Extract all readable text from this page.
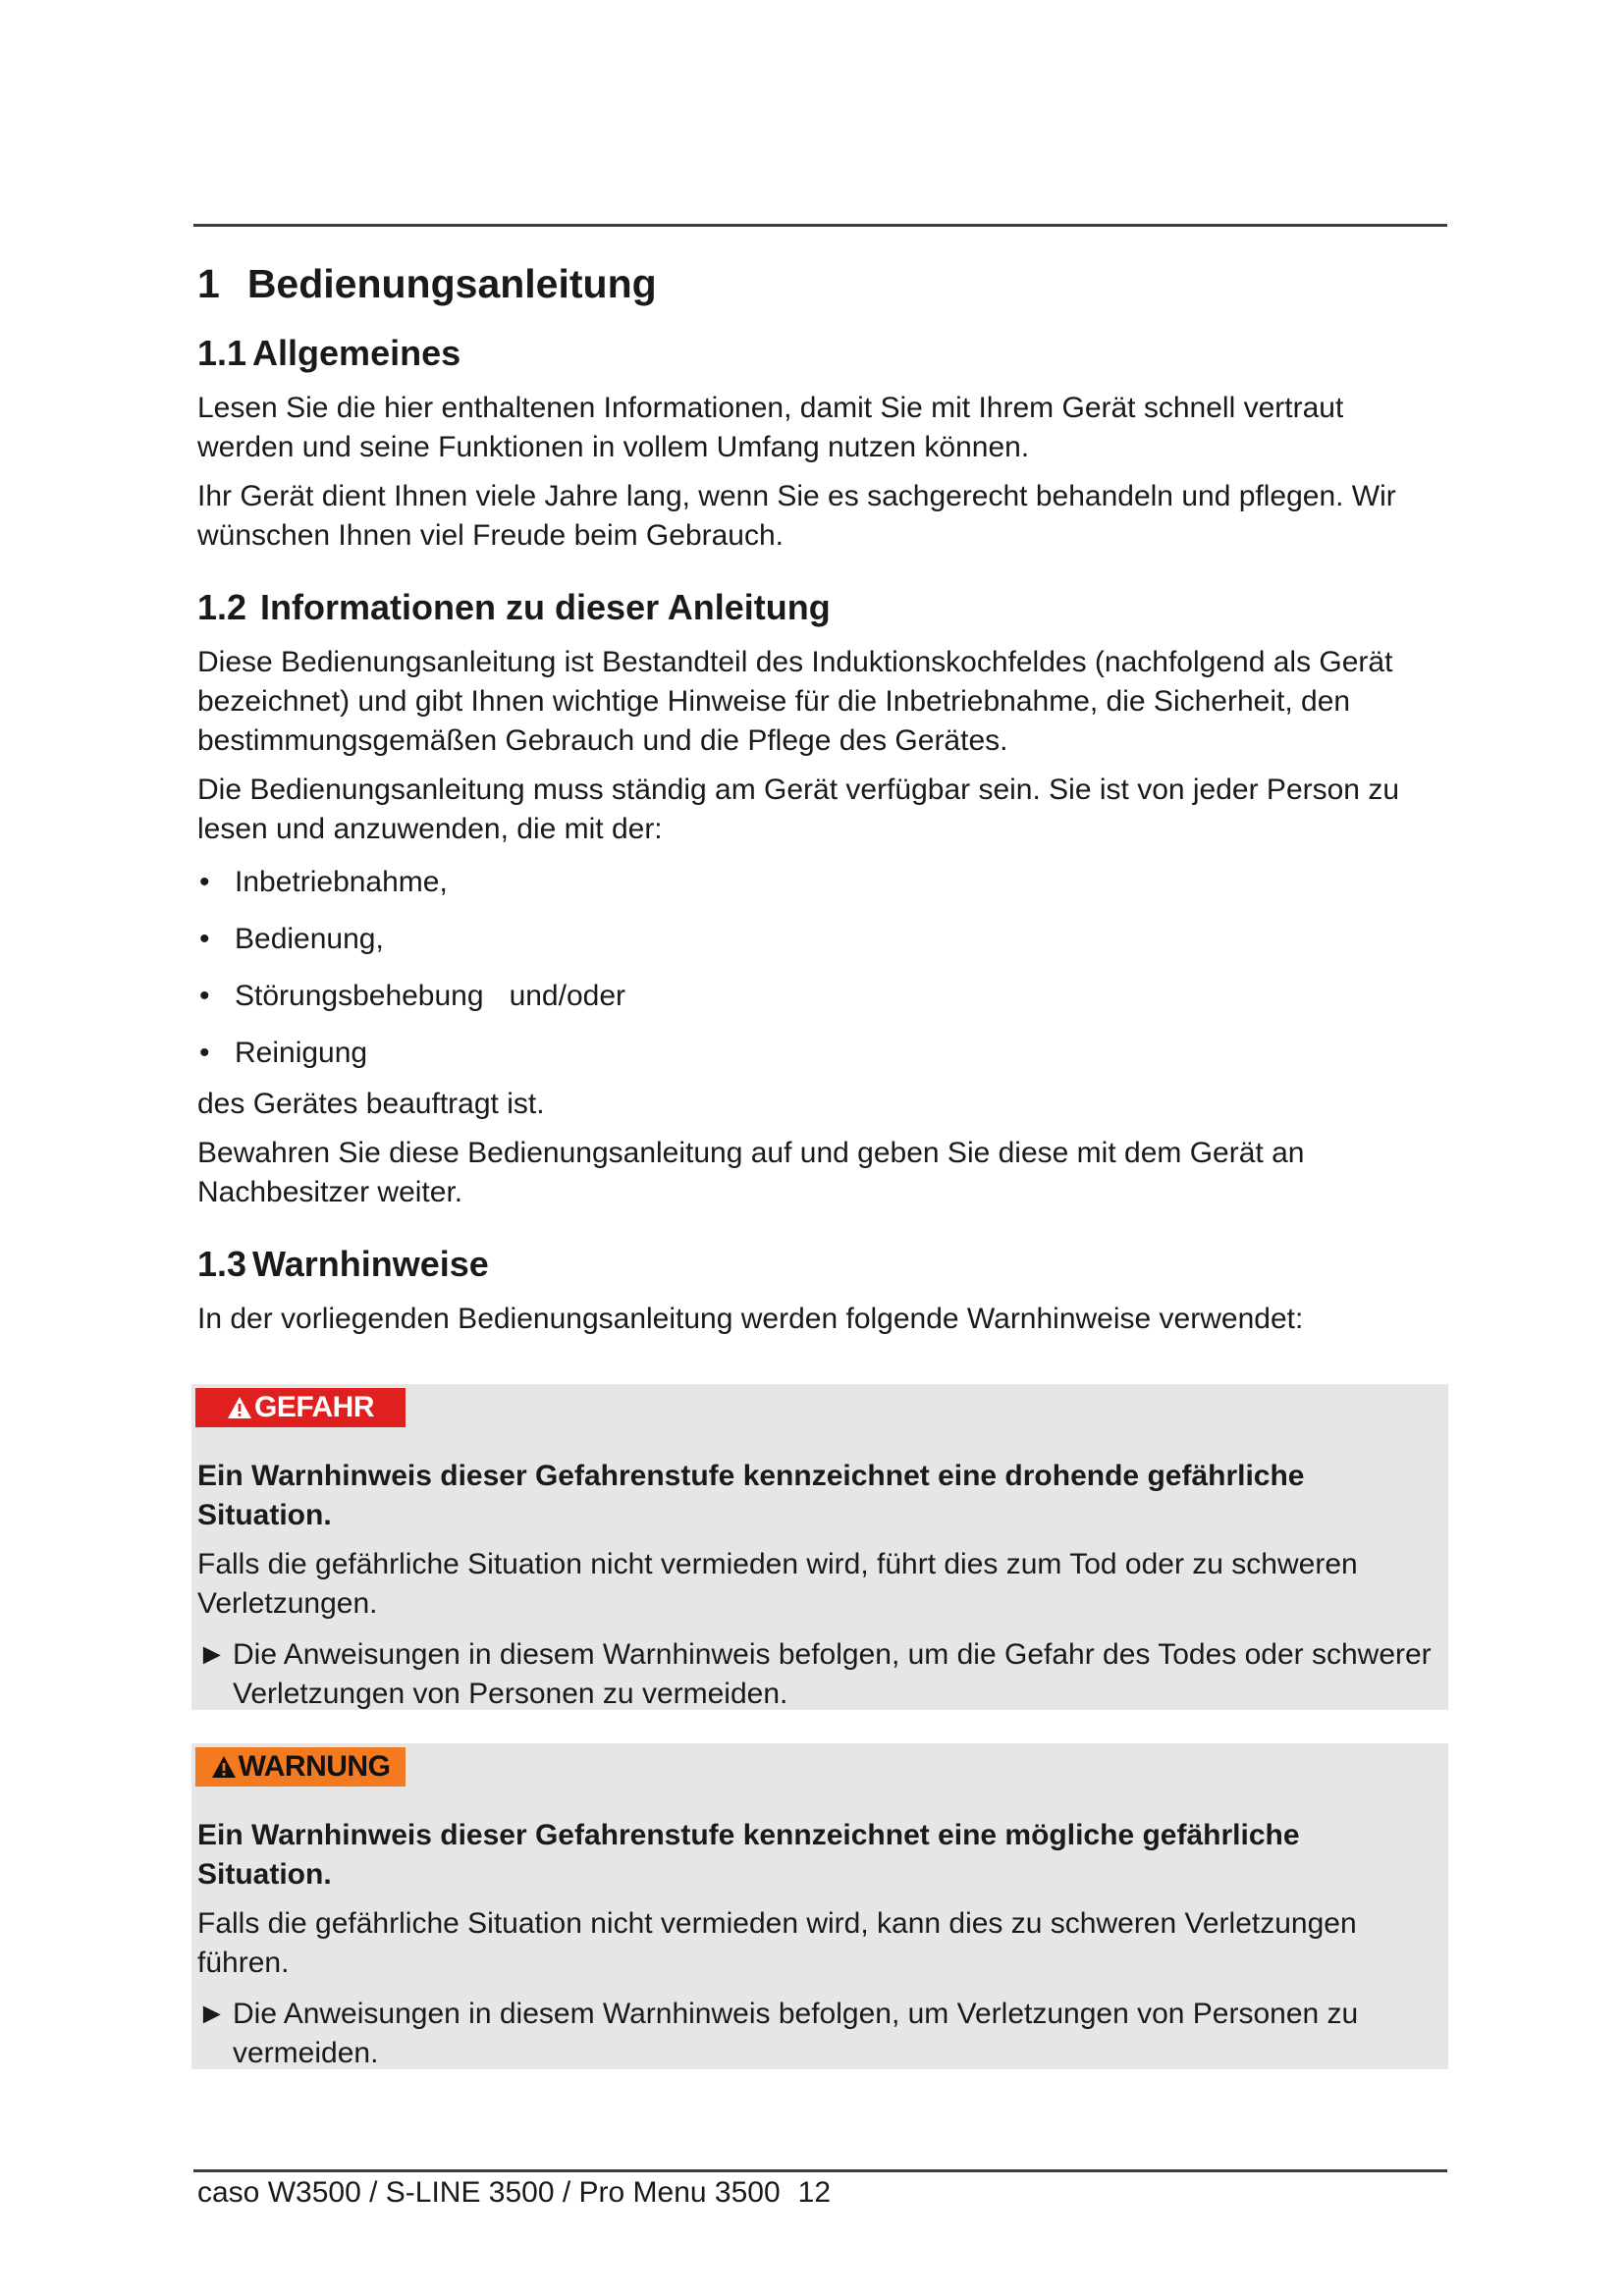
1 Bedienungsanleitung
1.1 Allgemeines

Lesen Sie die hier enthaltenen Informationen, damit Sie mit Ihrem Gerät schnell vertraut werden und seine Funktionen in vollem Umfang nutzen können.

Ihr Gerät dient Ihnen viele Jahre lang, wenn Sie es sachgerecht behandeln und pflegen. Wir wünschen Ihnen viel Freude beim Gebrauch.

1.2 Informationen zu dieser Anleitung

Diese Bedienungsanleitung ist Bestandteil des Induktionskochfeldes (nachfolgend als Gerät bezeichnet) und gibt Ihnen wichtige Hinweise für die Inbetriebnahme, die Sicherheit, den bestimmungsgemäßen Gebrauch und die Pflege des Gerätes.

Die Bedienungsanleitung muss ständig am Gerät verfügbar sein. Sie ist von jeder Person zu lesen und anzuwenden, die mit der:

• Inbetriebnahme,
• Bedienung,
• Störungsbehebung und/oder
• Reinigung

des Gerätes beauftragt ist.

Bewahren Sie diese Bedienungsanleitung auf und geben Sie diese mit dem Gerät an Nachbesitzer weiter.

1.3 Warnhinweise

In der vorliegenden Bedienungsanleitung werden folgende Warnhinweise verwendet:

GEFAHR
Ein Warnhinweis dieser Gefahrenstufe kennzeichnet eine drohende gefährliche Situation.

Falls die gefährliche Situation nicht vermieden wird, führt dies zum Tod oder zu schweren Verletzungen.

► Die Anweisungen in diesem Warnhinweis befolgen, um die Gefahr des Todes oder schwerer Verletzungen von Personen zu vermeiden.
WARNUNG
Ein Warnhinweis dieser Gefahrenstufe kennzeichnet eine mögliche gefährliche Situation.

Falls die gefährliche Situation nicht vermieden wird, kann dies zu schweren Verletzungen führen.

► Die Anweisungen in diesem Warnhinweis befolgen, um Verletzungen von Personen zu vermeiden.
caso W3500 / S-LINE 3500 / Pro Menu 3500 12
